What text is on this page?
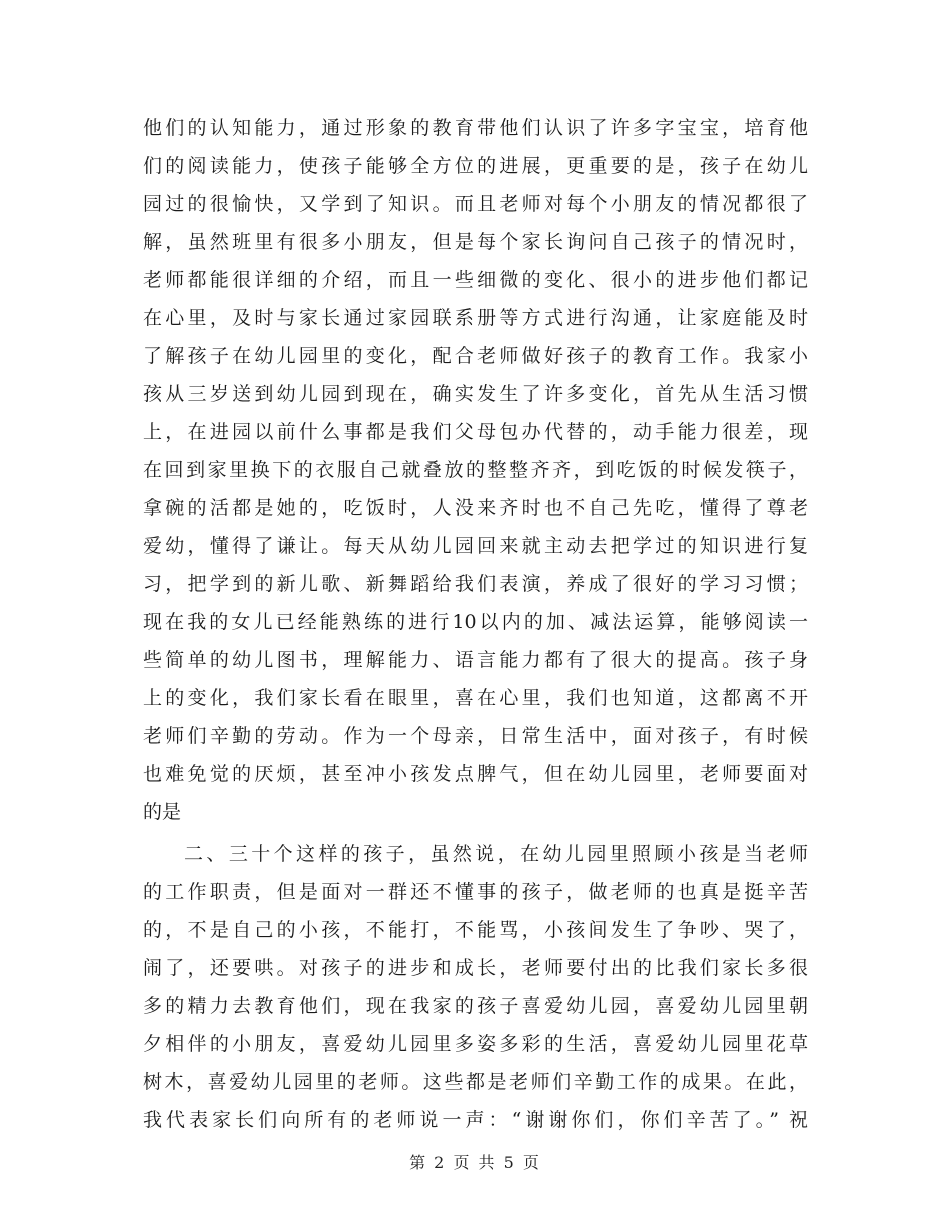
他们的认知能力，通过形象的教育带他们认识了许多字宝宝，培育他
们的阅读能力，使孩子能够全方位的进展，更重要的是，孩子在幼儿
园过的很愉快，又学到了知识。而且老师对每个小朋友的情况都很了
解，虽然班里有很多小朋友，但是每个家长询问自己孩子的情况时，
老师都能很详细的介绍，而且一些细微的变化、很小的进步他们都记
在心里，及时与家长通过家园联系册等方式进行沟通，让家庭能及时
了解孩子在幼儿园里的变化，配合老师做好孩子的教育工作。我家小
孩从三岁送到幼儿园到现在，确实发生了许多变化，首先从生活习惯
上，在进园以前什么事都是我们父母包办代替的，动手能力很差，现
在回到家里换下的衣服自己就叠放的整整齐齐，到吃饭的时候发筷子，
拿碗的活都是她的，吃饭时，人没来齐时也不自己先吃，懂得了尊老
爱幼，懂得了谦让。每天从幼儿园回来就主动去把学过的知识进行复
习，把学到的新儿歌、新舞蹈给我们表演，养成了很好的学习习惯；
现在我的女儿已经能熟练的进行10以内的加、减法运算，能够阅读一
些简单的幼儿图书，理解能力、语言能力都有了很大的提高。孩子身
上的变化，我们家长看在眼里，喜在心里，我们也知道，这都离不开
老师们辛勤的劳动。作为一个母亲，日常生活中，面对孩子，有时候
也难免觉的厌烦，甚至冲小孩发点脾气，但在幼儿园里，老师要面对
的是
二、三十个这样的孩子，虽然说，在幼儿园里照顾小孩是当老师
的工作职责，但是面对一群还不懂事的孩子，做老师的也真是挺辛苦
的，不是自己的小孩，不能打，不能骂，小孩间发生了争吵、哭了，
闹了，还要哄。对孩子的进步和成长，老师要付出的比我们家长多很
多的精力去教育他们，现在我家的孩子喜爱幼儿园，喜爱幼儿园里朝
夕相伴的小朋友，喜爱幼儿园里多姿多彩的生活，喜爱幼儿园里花草
树木，喜爱幼儿园里的老师。这些都是老师们辛勤工作的成果。在此，
我代表家长们向所有的老师说一声：“谢谢你们，你们辛苦了。” 祝
第 2 页 共 5 页
